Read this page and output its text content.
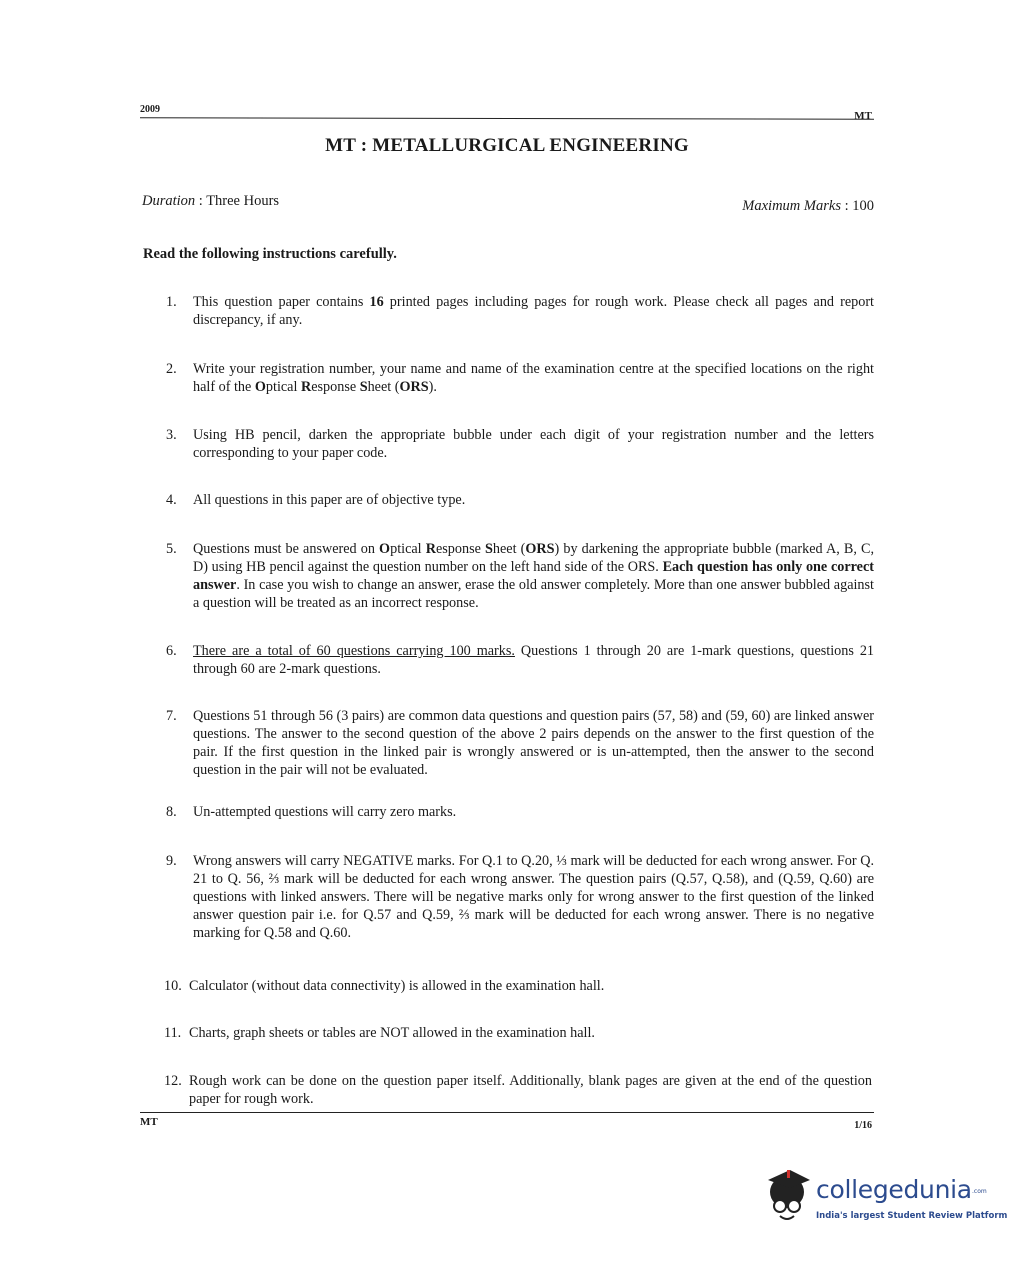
2009
MT
MT : METALLURGICAL ENGINEERING
Duration : Three Hours	Maximum Marks : 100
Read the following instructions carefully.
1.	This question paper contains 16 printed pages including pages for rough work. Please check all pages and report discrepancy, if any.
2.	Write your registration number, your name and name of the examination centre at the specified locations on the right half of the Optical Response Sheet (ORS).
3.	Using HB pencil, darken the appropriate bubble under each digit of your registration number and the letters corresponding to your paper code.
4.	All questions in this paper are of objective type.
5.	Questions must be answered on Optical Response Sheet (ORS) by darkening the appropriate bubble (marked A, B, C, D) using HB pencil against the question number on the left hand side of the ORS. Each question has only one correct answer. In case you wish to change an answer, erase the old answer completely. More than one answer bubbled against a question will be treated as an incorrect response.
6.	There are a total of 60 questions carrying 100 marks. Questions 1 through 20 are 1-mark questions, questions 21 through 60 are 2-mark questions.
7.	Questions 51 through 56 (3 pairs) are common data questions and question pairs (57, 58) and (59, 60) are linked answer questions. The answer to the second question of the above 2 pairs depends on the answer to the first question of the pair. If the first question in the linked pair is wrongly answered or is un-attempted, then the answer to the second question in the pair will not be evaluated.
8.	Un-attempted questions will carry zero marks.
9.	Wrong answers will carry NEGATIVE marks. For Q.1 to Q.20, ⅓ mark will be deducted for each wrong answer. For Q. 21 to Q. 56, ⅔ mark will be deducted for each wrong answer. The question pairs (Q.57, Q.58), and (Q.59, Q.60) are questions with linked answers. There will be negative marks only for wrong answer to the first question of the linked answer question pair i.e. for Q.57 and Q.59, ⅔ mark will be deducted for each wrong answer. There is no negative marking for Q.58 and Q.60.
10. Calculator (without data connectivity) is allowed in the examination hall.
11. Charts, graph sheets or tables are NOT allowed in the examination hall.
12. Rough work can be done on the question paper itself. Additionally, blank pages are given at the end of the question paper for rough work.
MT	1/16
collegedunia .com
India's largest Student Review Platform
